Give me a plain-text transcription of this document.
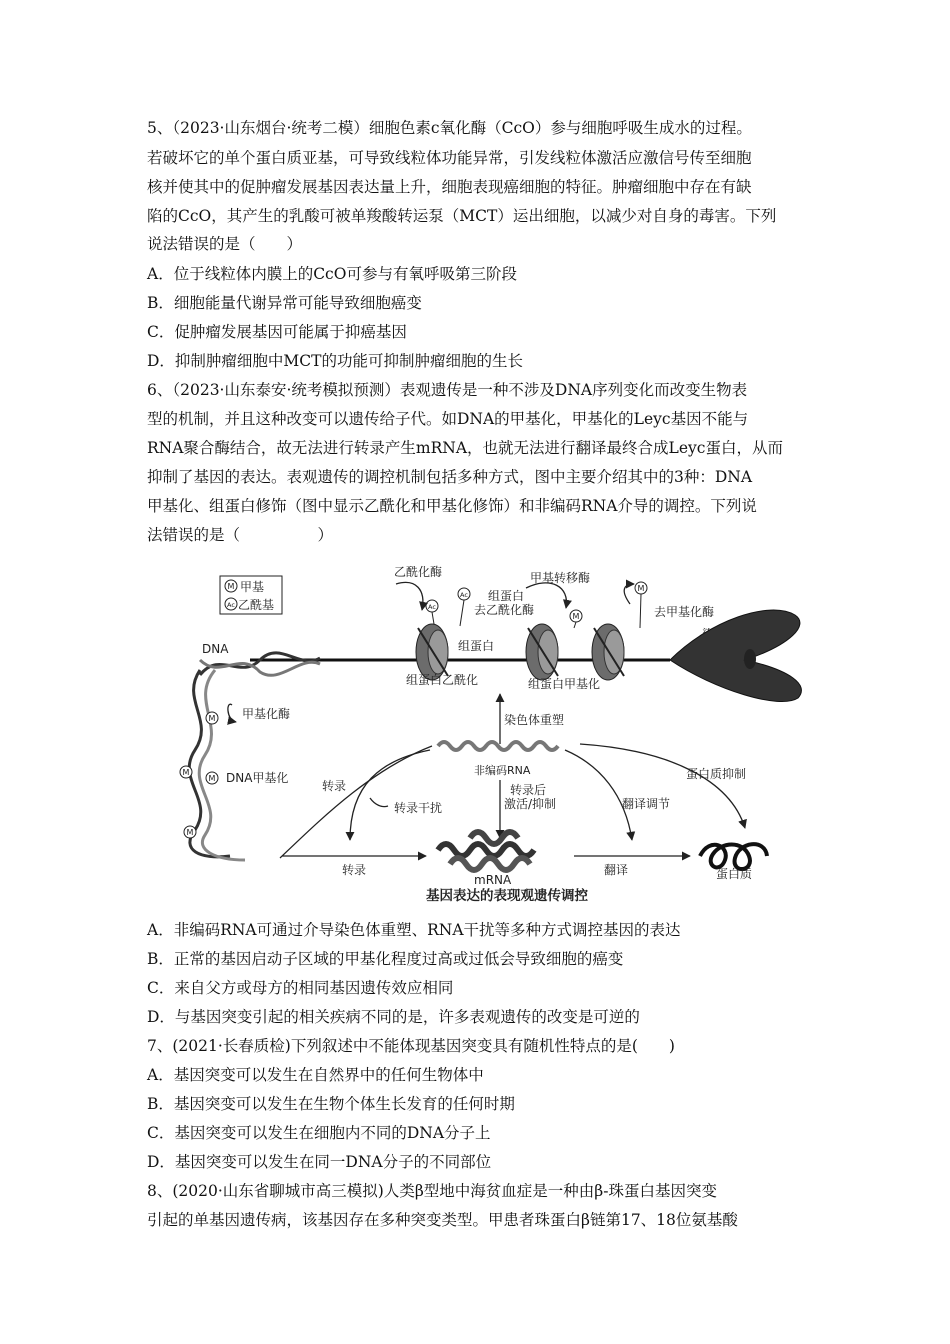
5、（2023·山东烟台·统考二模）细胞色素c氧化酶（CcO）参与细胞呼吸生成水的过程。
若破坏它的单个蛋白质亚基，可导致线粒体功能异常，引发线粒体激活应激信号传至细胞
核并使其中的促肿瘤发展基因表达量上升，细胞表现癌细胞的特征。肿瘤细胞中存在有缺
陷的CcO，其产生的乳酸可被单羧酸转运泵（MCT）运出细胞，以减少对自身的毒害。下列
说法错误的是（　　）
A．位于线粒体内膜上的CcO可参与有氧呼吸第三阶段
B．细胞能量代谢异常可能导致细胞癌变
C．促肿瘤发展基因可能属于抑癌基因
D．抑制肿瘤细胞中MCT的功能可抑制肿瘤细胞的生长
6、（2023·山东泰安·统考模拟预测）表观遗传是一种不涉及DNA序列变化而改变生物表
型的机制，并且这种改变可以遗传给子代。如DNA的甲基化，甲基化的Leyc基因不能与
RNA聚合酶结合，故无法进行转录产生mRNA，也就无法进行翻译最终合成Leyc蛋白，从而
抑制了基因的表达。表观遗传的调控机制包括多种方式，图中主要介绍其中的3种：DNA
甲基化、组蛋白修饰（图中显示乙酰化和甲基化修饰）和非编码RNA介导的调控。下列说
法错误的是（　　　　　）
M 甲基
Ac 乙酰基
DNA
M
M
M
M
甲基化酶
DNA甲基化
Ac
Ac
M
M
乙酰化酶	甲基转移酶
组蛋白
去乙酰化酶	去甲基化酶
组蛋白
组蛋白乙酰化	组蛋白甲基化
染色体重塑
非编码RNA
转录
转录干扰
转录后
激活/抑制	翻译调节
蛋白质抑制
转录
mRNA
翻译	蛋白质
基因表达的表现观遗传调控
A．非编码RNA可通过介导染色体重塑、RNA干扰等多种方式调控基因的表达
B．正常的基因启动子区域的甲基化程度过高或过低会导致细胞的癌变
C．来自父方或母方的相同基因遗传效应相同
D．与基因突变引起的相关疾病不同的是，许多表观遗传的改变是可逆的
7、(2021·长春质检)下列叙述中不能体现基因突变具有随机性特点的是(　　)
A．基因突变可以发生在自然界中的任何生物体中
B．基因突变可以发生在生物个体生长发育的任何时期
C．基因突变可以发生在细胞内不同的DNA分子上
D．基因突变可以发生在同一DNA分子的不同部位
8、(2020·山东省聊城市高三模拟)人类β型地中海贫血症是一种由β-珠蛋白基因突变
引起的单基因遗传病，该基因存在多种突变类型。甲患者珠蛋白β链第17、18位氨基酸
